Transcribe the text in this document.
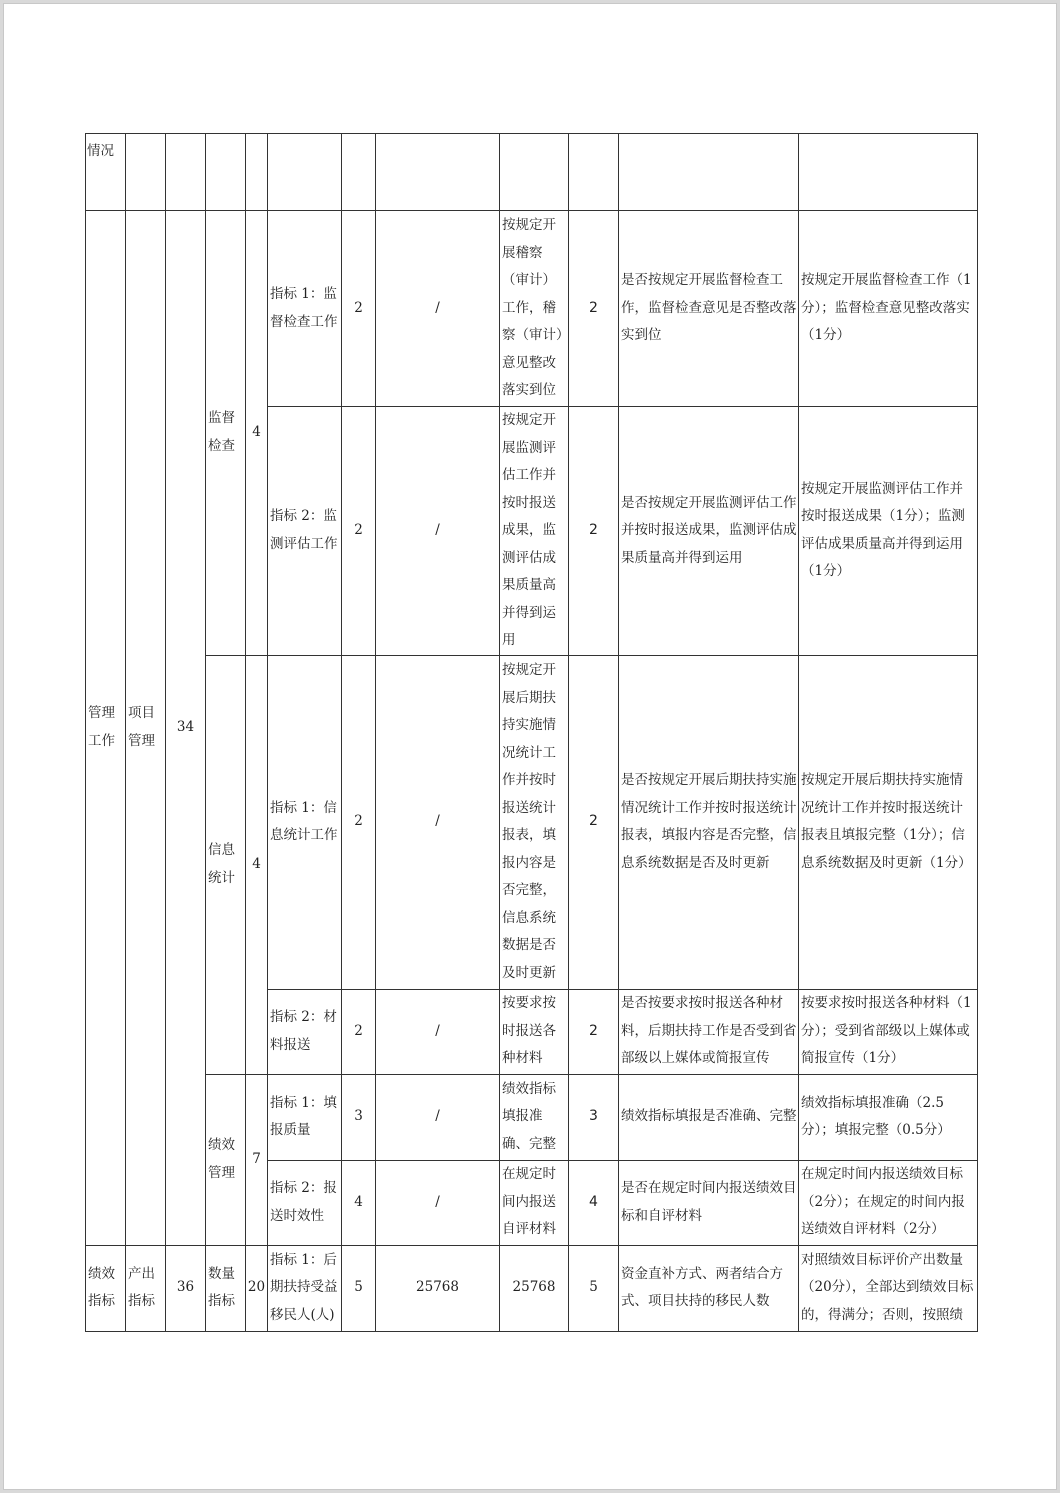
情况											
管理工作	项目管理	34	监督检查	4	指标 1：监督检查工作	2	/	按规定开展稽察（审计）工作，稽察（审计）意见整改落实到位	2	是否按规定开展监督检查工作，监督检查意见是否整改落实到位	按规定开展监督检查工作（1分）；监督检查意见整改落实（1分）
					指标 2：监测评估工作	2	/	按规定开展监测评估工作并按时报送成果，监测评估成果质量高并得到运用	2	是否按规定开展监测评估工作并按时报送成果，监测评估成果质量高并得到运用	按规定开展监测评估工作并按时报送成果（1分）；监测评估成果质量高并得到运用（1分）
			信息统计	4	指标 1：信息统计工作	2	/	按规定开展后期扶持实施情况统计工作并按时报送统计报表，填报内容是否完整，信息系统数据是否及时更新	2	是否按规定开展后期扶持实施情况统计工作并按时报送统计报表，填报内容是否完整，信息系统数据是否及时更新	按规定开展后期扶持实施情况统计工作并按时报送统计报表且填报完整（1分）；信息系统数据及时更新（1分）
					指标 2：材料报送	2	/	按要求按时报送各种材料	2	是否按要求按时报送各种材料，后期扶持工作是否受到省部级以上媒体或简报宣传	按要求按时报送各种材料（1分）；受到省部级以上媒体或简报宣传（1分）
			绩效管理	7	指标 1：填报质量	3	/	绩效指标填报准确、完整	3	绩效指标填报是否准确、完整	绩效指标填报准确（2.5分）；填报完整（0.5分）
					指标 2：报送时效性	4	/	在规定时间内报送自评材料	4	是否在规定时间内报送绩效目标和自评材料	在规定时间内报送绩效目标（2分）；在规定的时间内报送绩效自评材料（2分）
绩效指标	产出指标	36	数量指标	20	指标 1：后期扶持受益移民人(人)	5	25768	25768	5	资金直补方式、两者结合方式、项目扶持的移民人数	对照绩效目标评价产出数量（20分），全部达到绩效目标的，得满分；否则，按照绩
